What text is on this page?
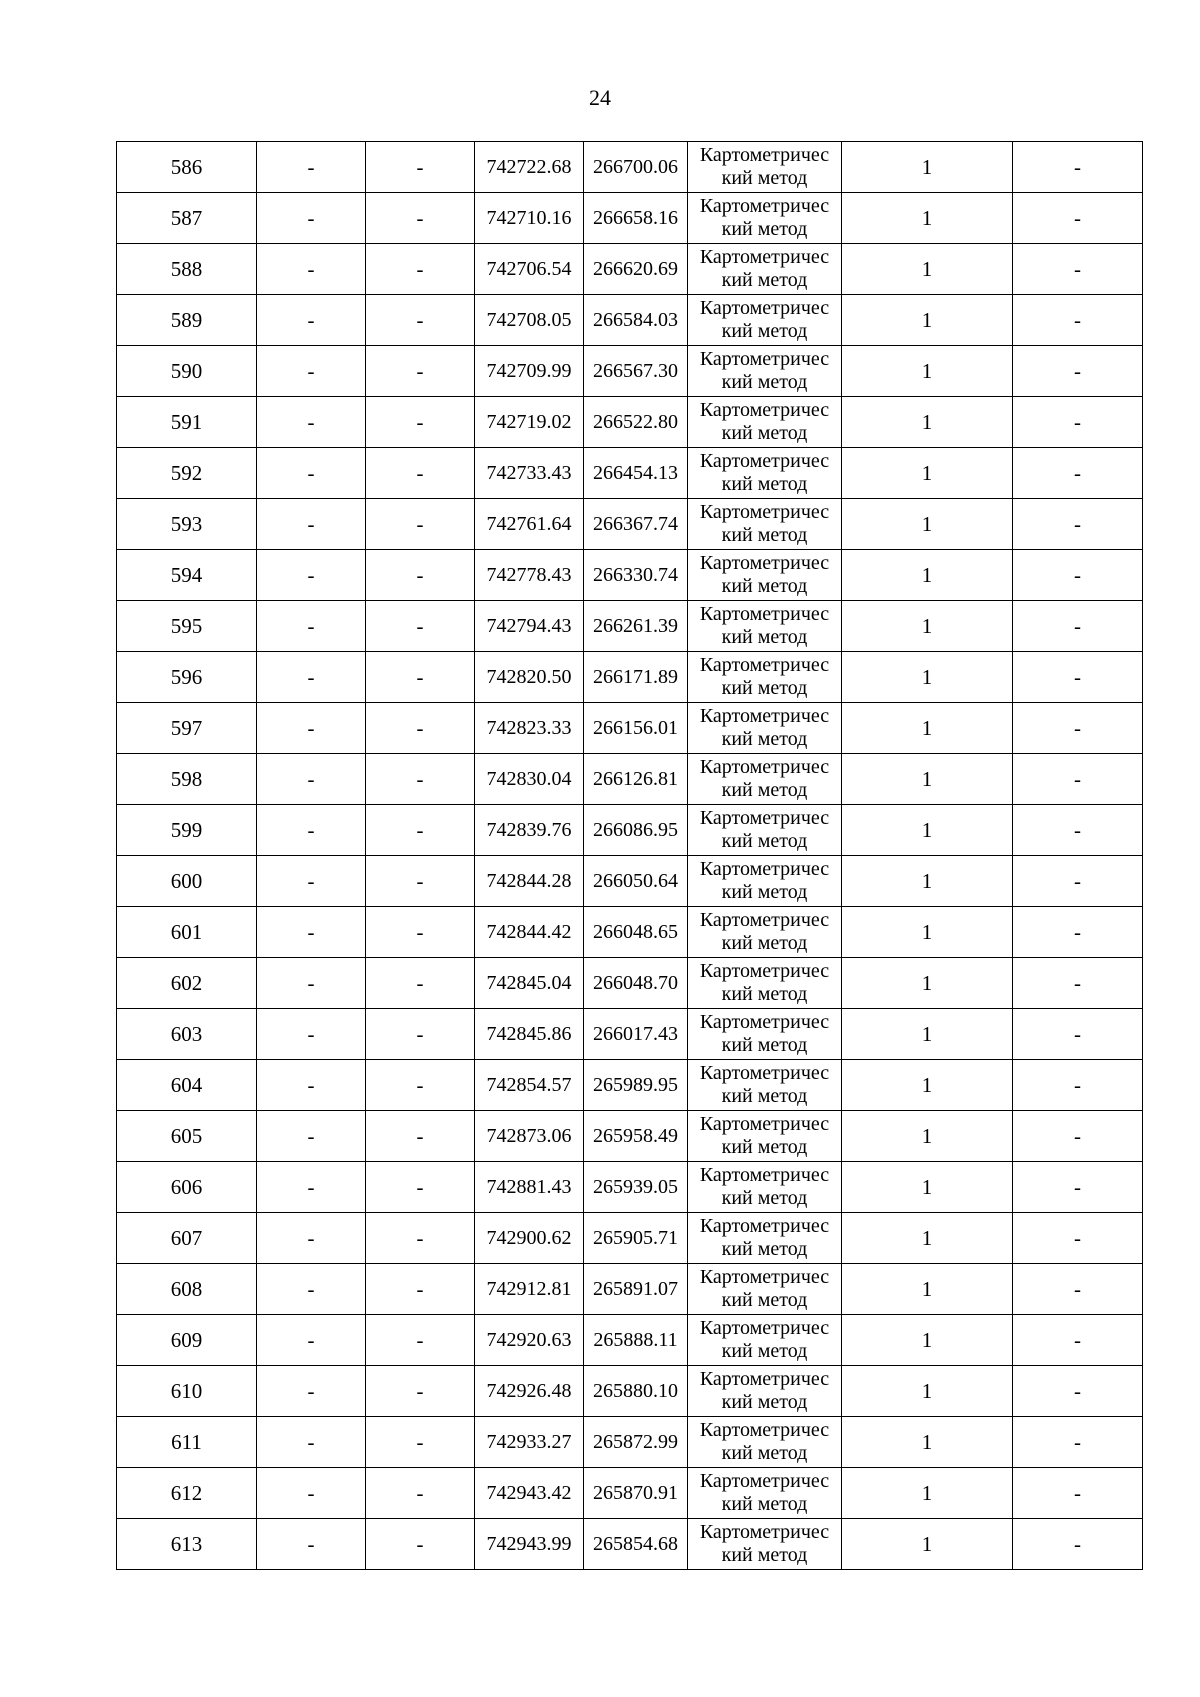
24
586	-	-	742722.68	266700.06	Картометричес
кий метод	1	-
587	-	-	742710.16	266658.16	Картометричес
кий метод	1	-
588	-	-	742706.54	266620.69	Картометричес
кий метод	1	-
589	-	-	742708.05	266584.03	Картометричес
кий метод	1	-
590	-	-	742709.99	266567.30	Картометричес
кий метод	1	-
591	-	-	742719.02	266522.80	Картометричес
кий метод	1	-
592	-	-	742733.43	266454.13	Картометричес
кий метод	1	-
593	-	-	742761.64	266367.74	Картометричес
кий метод	1	-
594	-	-	742778.43	266330.74	Картометричес
кий метод	1	-
595	-	-	742794.43	266261.39	Картометричес
кий метод	1	-
596	-	-	742820.50	266171.89	Картометричес
кий метод	1	-
597	-	-	742823.33	266156.01	Картометричес
кий метод	1	-
598	-	-	742830.04	266126.81	Картометричес
кий метод	1	-
599	-	-	742839.76	266086.95	Картометричес
кий метод	1	-
600	-	-	742844.28	266050.64	Картометричес
кий метод	1	-
601	-	-	742844.42	266048.65	Картометричес
кий метод	1	-
602	-	-	742845.04	266048.70	Картометричес
кий метод	1	-
603	-	-	742845.86	266017.43	Картометричес
кий метод	1	-
604	-	-	742854.57	265989.95	Картометричес
кий метод	1	-
605	-	-	742873.06	265958.49	Картометричес
кий метод	1	-
606	-	-	742881.43	265939.05	Картометричес
кий метод	1	-
607	-	-	742900.62	265905.71	Картометричес
кий метод	1	-
608	-	-	742912.81	265891.07	Картометричес
кий метод	1	-
609	-	-	742920.63	265888.11	Картометричес
кий метод	1	-
610	-	-	742926.48	265880.10	Картометричес
кий метод	1	-
611	-	-	742933.27	265872.99	Картометричес
кий метод	1	-
612	-	-	742943.42	265870.91	Картометричес
кий метод	1	-
613	-	-	742943.99	265854.68	Картометричес
кий метод	1	-
